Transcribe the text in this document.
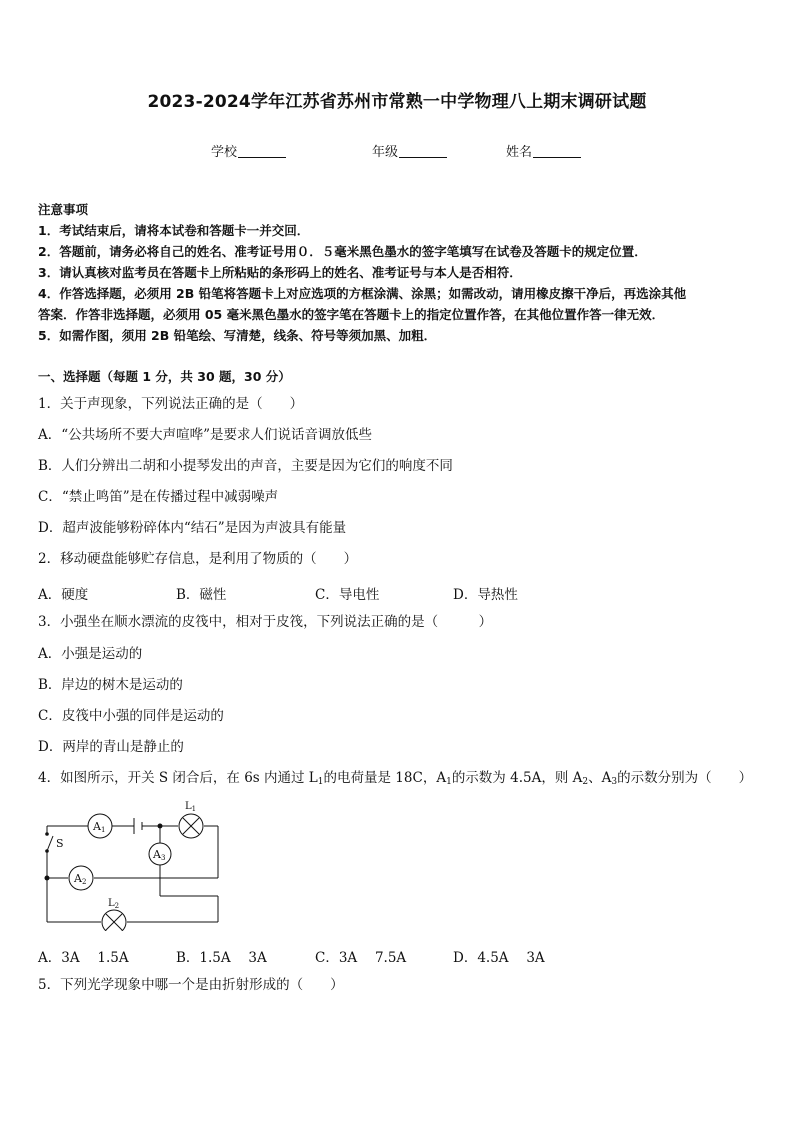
2023-2024学年江苏省苏州市常熟一中学物理八上期末调研试题
学校	年级	姓名
注意事项
1．考试结束后，请将本试卷和答题卡一并交回．
2．答题前，请务必将自己的姓名、准考证号用０．５毫米黑色墨水的签字笔填写在试卷及答题卡的规定位置．
3．请认真核对监考员在答题卡上所粘贴的条形码上的姓名、准考证号与本人是否相符．
4．作答选择题，必须用 2B 铅笔将答题卡上对应选项的方框涂满、涂黑；如需改动，请用橡皮擦干净后，再选涂其他
答案．作答非选择题，必须用 05 毫米黑色墨水的签字笔在答题卡上的指定位置作答，在其他位置作答一律无效．
5．如需作图，须用 2B 铅笔绘、写清楚，线条、符号等须加黑、加粗．
一、选择题（每题 1 分，共 30 题，30 分）
1．关于声现象，下列说法正确的是（　　）
A．“公共场所不要大声喧哗”是要求人们说话音调放低些
B．人们分辨出二胡和小提琴发出的声音，主要是因为它们的响度不同
C．“禁止鸣笛”是在传播过程中减弱噪声
D．超声波能够粉碎体内“结石”是因为声波具有能量
2．移动硬盘能够贮存信息，是利用了物质的（　　）
A．硬度	B．磁性	C．导电性	D．导热性
3．小强坐在顺水漂流的皮筏中，相对于皮筏，下列说法正确的是（　　　）
A．小强是运动的
B．岸边的树木是运动的
C．皮筏中小强的同伴是运动的
D．两岸的青山是静止的
4．如图所示，开关 S 闭合后，在 6s 内通过 $L_1$的电荷量是 18C，$A_1$的示数为 4.5A，则 $A_2$、$A_3$的示数分别为（　　）
A1
A2
A3
$L_1$
$L_2$
S
A．3A　 1.5A	B．1.5A　 3A	C．3A　 7.5A	D．4.5A　 3A
5．下列光学现象中哪一个是由折射形成的（　　）
